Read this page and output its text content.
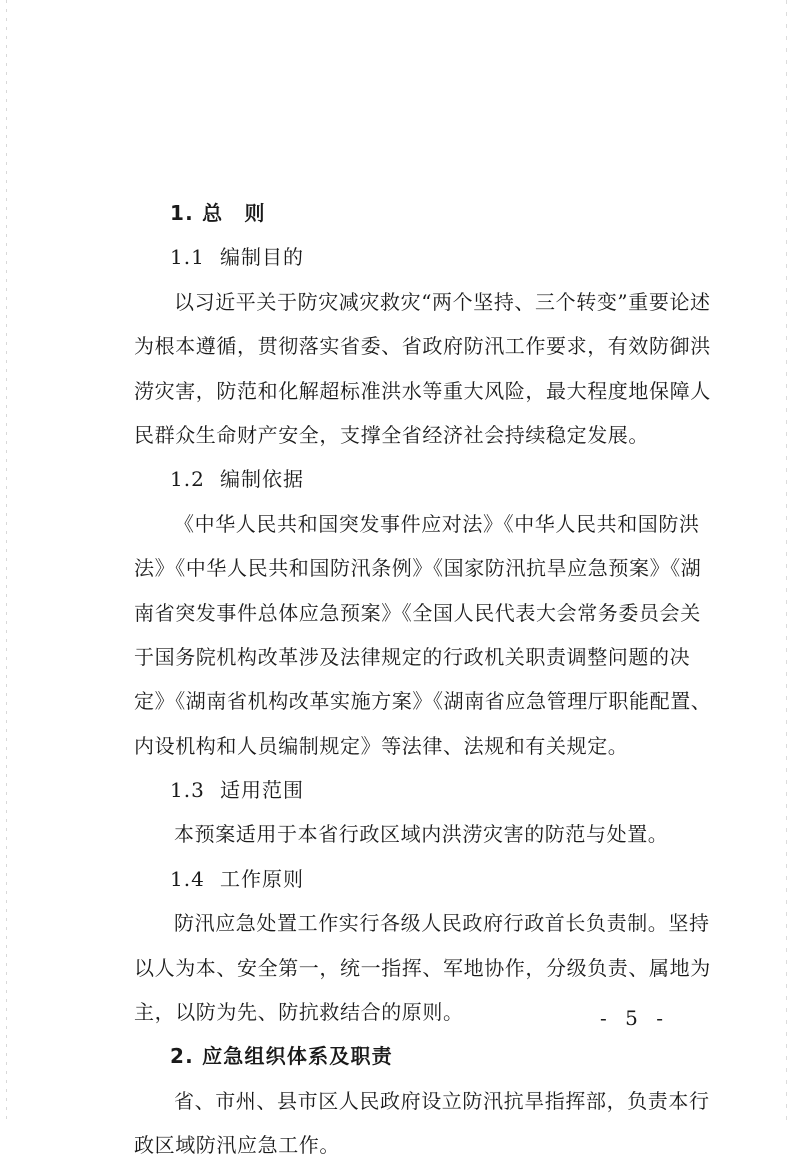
1. 总　则
1.1 编制目的
以习近平关于防灾减灾救灾“两个坚持、三个转变”重要论述
为根本遵循，贯彻落实省委、省政府防汛工作要求，有效防御洪
涝灾害，防范和化解超标准洪水等重大风险，最大程度地保障人
民群众生命财产安全，支撑全省经济社会持续稳定发展。
1.2 编制依据
《中华人民共和国突发事件应对法》《中华人民共和国防洪
法》《中华人民共和国防汛条例》《国家防汛抗旱应急预案》《湖
南省突发事件总体应急预案》《全国人民代表大会常务委员会关
于国务院机构改革涉及法律规定的行政机关职责调整问题的决
定》《湖南省机构改革实施方案》《湖南省应急管理厅职能配置、
内设机构和人员编制规定》等法律、法规和有关规定。
1.3 适用范围
本预案适用于本省行政区域内洪涝灾害的防范与处置。
1.4 工作原则
防汛应急处置工作实行各级人民政府行政首长负责制。坚持
以人为本、安全第一，统一指挥、军地协作，分级负责、属地为
主，以防为先、防抗救结合的原则。
2. 应急组织体系及职责
省、市州、县市区人民政府设立防汛抗旱指挥部，负责本行
政区域防汛应急工作。
- 5 -
